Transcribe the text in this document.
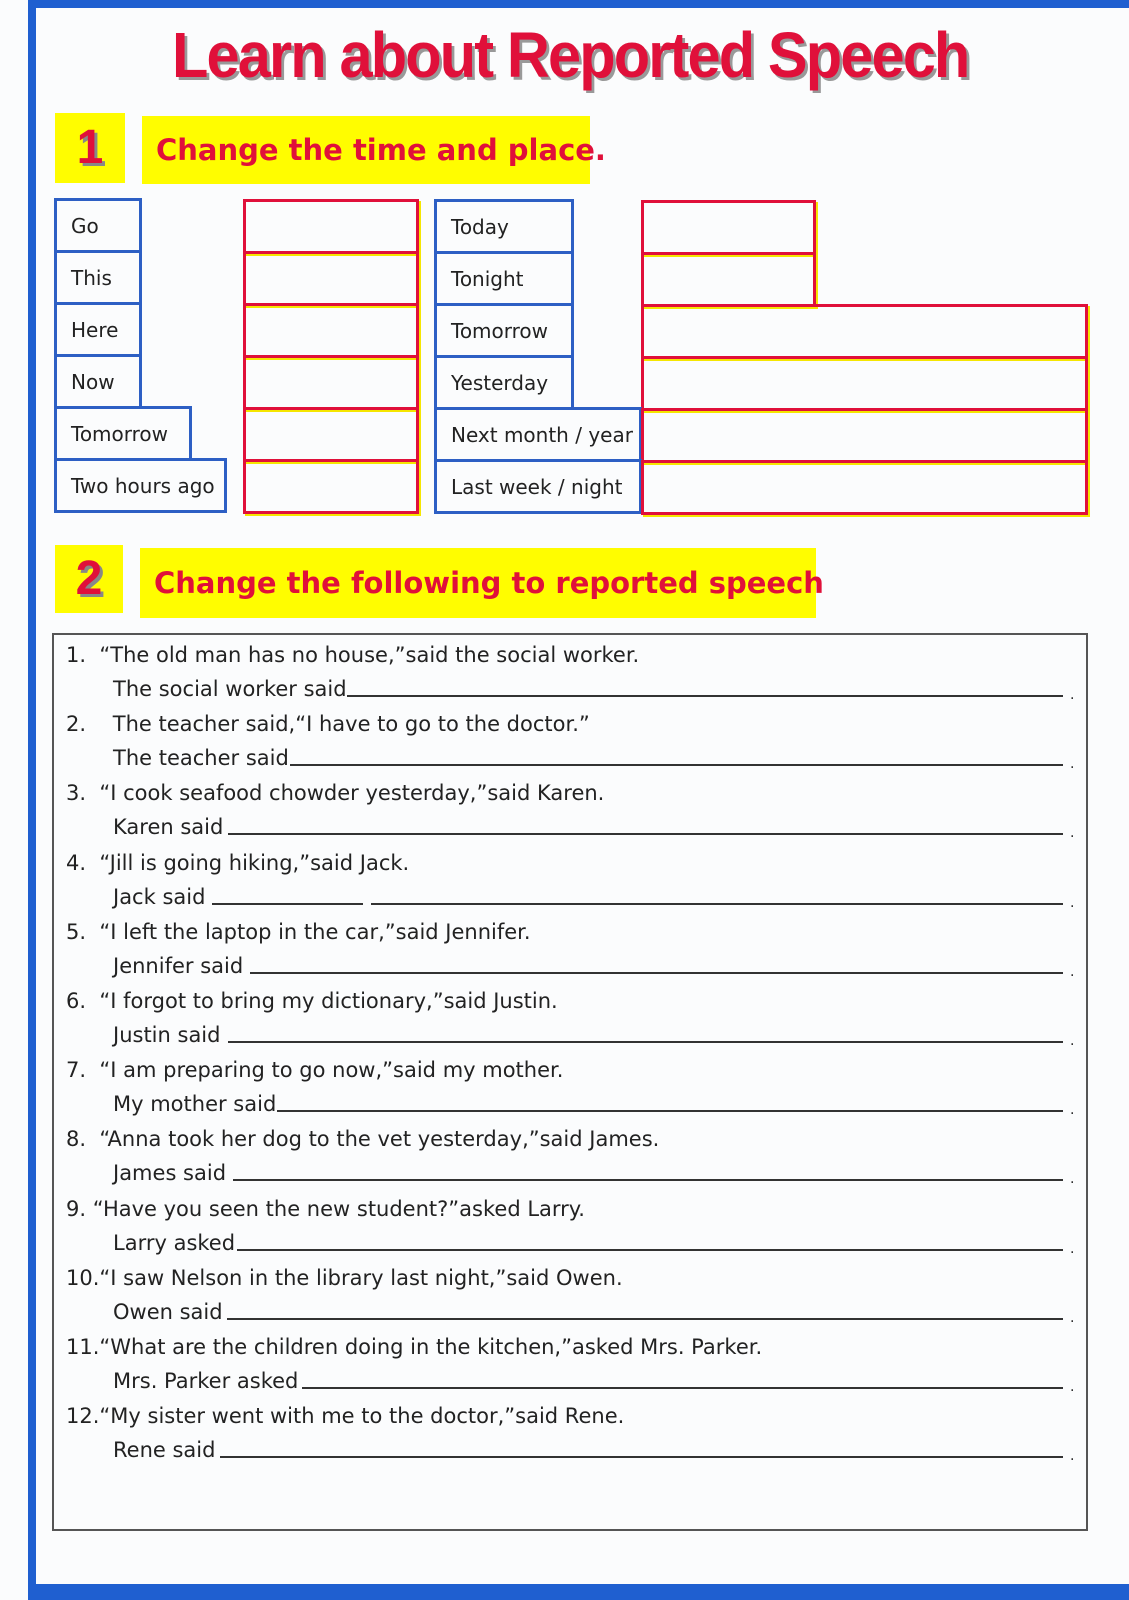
Learn about Reported Speech
1	Change the time and place.
Go
This
Here
Now
Tomorrow
Two hours ago
Today
Tonight
Tomorrow
Yesterday
Next month / year
Last week / night
2	Change the following to reported speech
1.  “The old man has no house,”said the social worker.
The social worker said	.
2.    The teacher said,“I have to go to the doctor.”
The teacher said	.
3.  “I cook seafood chowder yesterday,”said Karen.
Karen said	.
4.  “Jill is going hiking,”said Jack.
Jack said	.
5.  “I left the laptop in the car,”said Jennifer.
Jennifer said	.
6.  “I forgot to bring my dictionary,”said Justin.
Justin said	.
7.  “I am preparing to go now,”said my mother.
My mother said	.
8.  “Anna took her dog to the vet yesterday,”said James.
James said	.
9. “Have you seen the new student?”asked Larry.
Larry asked	.
10.“I saw Nelson in the library last night,”said Owen.
Owen said	.
11.“What are the children doing in the kitchen,”asked Mrs. Parker.
Mrs. Parker asked	.
12.“My sister went with me to the doctor,”said Rene.
Rene said	.
